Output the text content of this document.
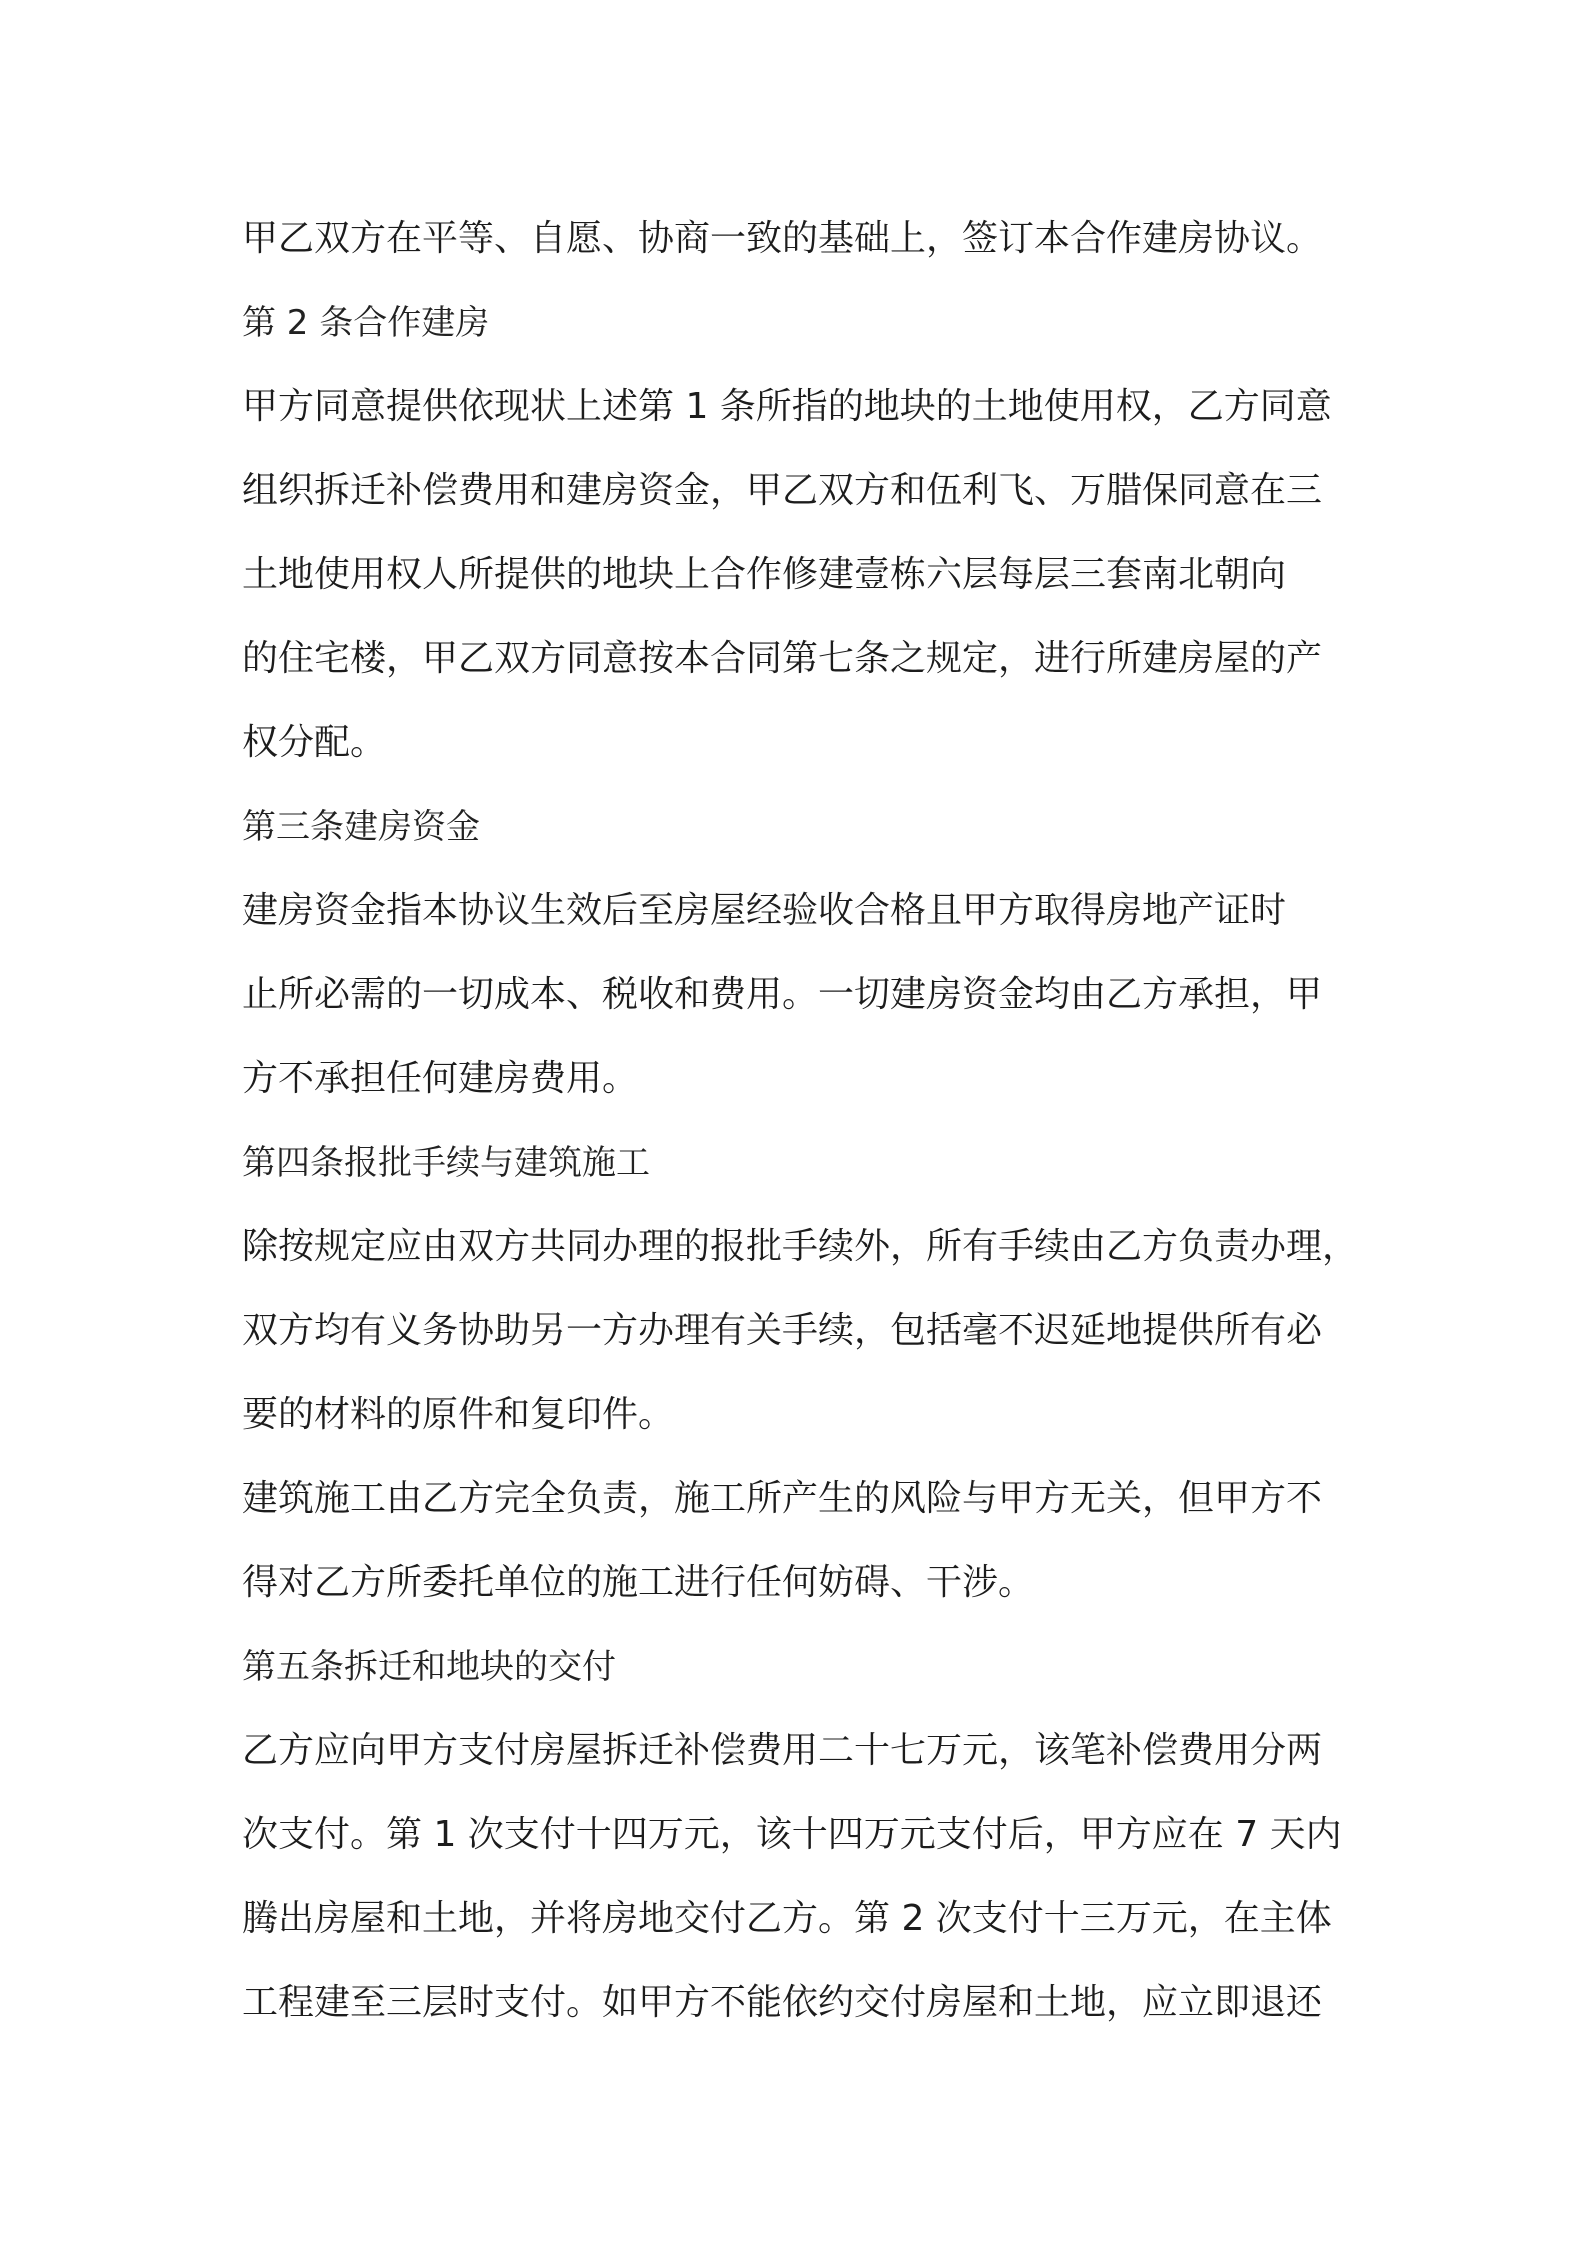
甲乙双方在平等、自愿、协商一致的基础上，签订本合作建房协议。
第 2 条合作建房
甲方同意提供依现状上述第 1 条所指的地块的土地使用权，乙方同意
组织拆迁补偿费用和建房资金，甲乙双方和伍利飞、万腊保同意在三
土地使用权人所提供的地块上合作修建壹栋六层每层三套南北朝向
的住宅楼，甲乙双方同意按本合同第七条之规定，进行所建房屋的产
权分配。
第三条建房资金
建房资金指本协议生效后至房屋经验收合格且甲方取得房地产证时
止所必需的一切成本、税收和费用。一切建房资金均由乙方承担，甲
方不承担任何建房费用。
第四条报批手续与建筑施工
除按规定应由双方共同办理的报批手续外，所有手续由乙方负责办理，
双方均有义务协助另一方办理有关手续，包括毫不迟延地提供所有必
要的材料的原件和复印件。
建筑施工由乙方完全负责，施工所产生的风险与甲方无关，但甲方不
得对乙方所委托单位的施工进行任何妨碍、干涉。
第五条拆迁和地块的交付
乙方应向甲方支付房屋拆迁补偿费用二十七万元，该笔补偿费用分两
次支付。第 1 次支付十四万元，该十四万元支付后，甲方应在 7 天内
腾出房屋和土地，并将房地交付乙方。第 2 次支付十三万元，在主体
工程建至三层时支付。如甲方不能依约交付房屋和土地，应立即退还
